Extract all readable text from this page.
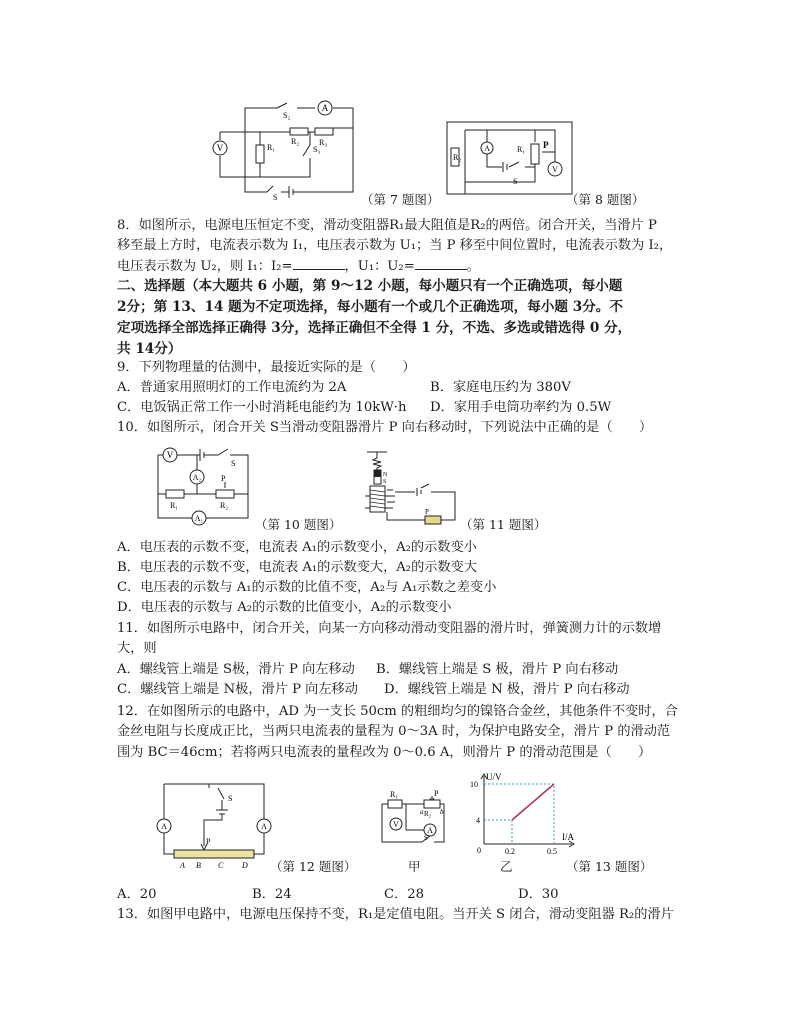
A
V
S₂
R₁
R₂ R₃
S₃
S	（第 7 题图）
A
V
R₂
R₁ P
S
（第 8 题图）
8．如图所示，电源电压恒定不变，滑动变阻器R₁最大阻值是R₂的两倍。闭合开关，当滑片 P
移至最上方时，电流表示数为 I₁，电压表示数为 U₁；当 P 移至中间位置时，电流表示数为 I₂，
电压表示数为 U₂，则 I₁：I₂=	，U₁：U₂=	。
二、选择题（本大题共 6 小题，第 9～12 小题，每小题只有一个正确选项，每小题
2分；第 13、14 题为不定项选择，每小题有一个或几个正确选项，每小题 3分。不
定项选择全部选择正确得 3分，选择正确但不全得 1 分，不选、多选或错选得 0 分，
共 14分）
9．下列物理量的估测中，最接近实际的是（　　）
A．普通家用照明灯的工作电流约为 2A	B．家庭电压约为 380V
C．电饭锅正常工作一小时消耗电能约为 10kW·h D．家用手电筒功率约为 0.5W
10．如图所示，闭合开关 S当滑动变阻器滑片 P 向右移动时，下列说法中正确的是（　　）
V
A₂
A₁
S
P
R₁	R₂
（第 10 题图）
N
S
P
（第 11 题图）
A．电压表的示数不变，电流表 A₁的示数变小，A₂的示数变小
B．电压表的示数不变，电流表 A₁的示数变大，A₂的示数变大
C．电压表的示数与 A₁的示数的比值不变，A₂与 A₁示数之差变小
D．电压表的示数与 A₂的示数的比值变小，A₂的示数变小
11．如图所示电路中，闭合开关，向某一方向移动滑动变阻器的滑片时，弹簧测力计的示数增
大，则
A．螺线管上端是 S极，滑片 P 向左移动 B．螺线管上端是 S 极，滑片 P 向右移动
C．螺线管上端是 N极，滑片 P 向左移动 D．螺线管上端是 N 极，滑片 P 向右移动
12．在如图所示的电路中，AD 为一支长 50cm 的粗细均匀的镍铬合金丝，其他条件不变时，合
金丝电阻与长度成正比，当两只电流表的量程为 0～3A 时，为保护电路安全，滑片 P 的滑动范
围为 BC＝46cm；若将两只电流表的量程改为 0～0.6 A，则滑片 P 的滑动范围是（　　）
A	A
S
P
A B C D （第 12 题图）
V
A
R₁	P
R₂
a b
S
甲
U/V
I/A
10
4
0.2	0.5
0
乙	（第 13 题图）
A．20	B．24	C．28	D．30
13．如图甲电路中，电源电压保持不变，R₁是定值电阻。当开关 S 闭合，滑动变阻器 R₂的滑片
